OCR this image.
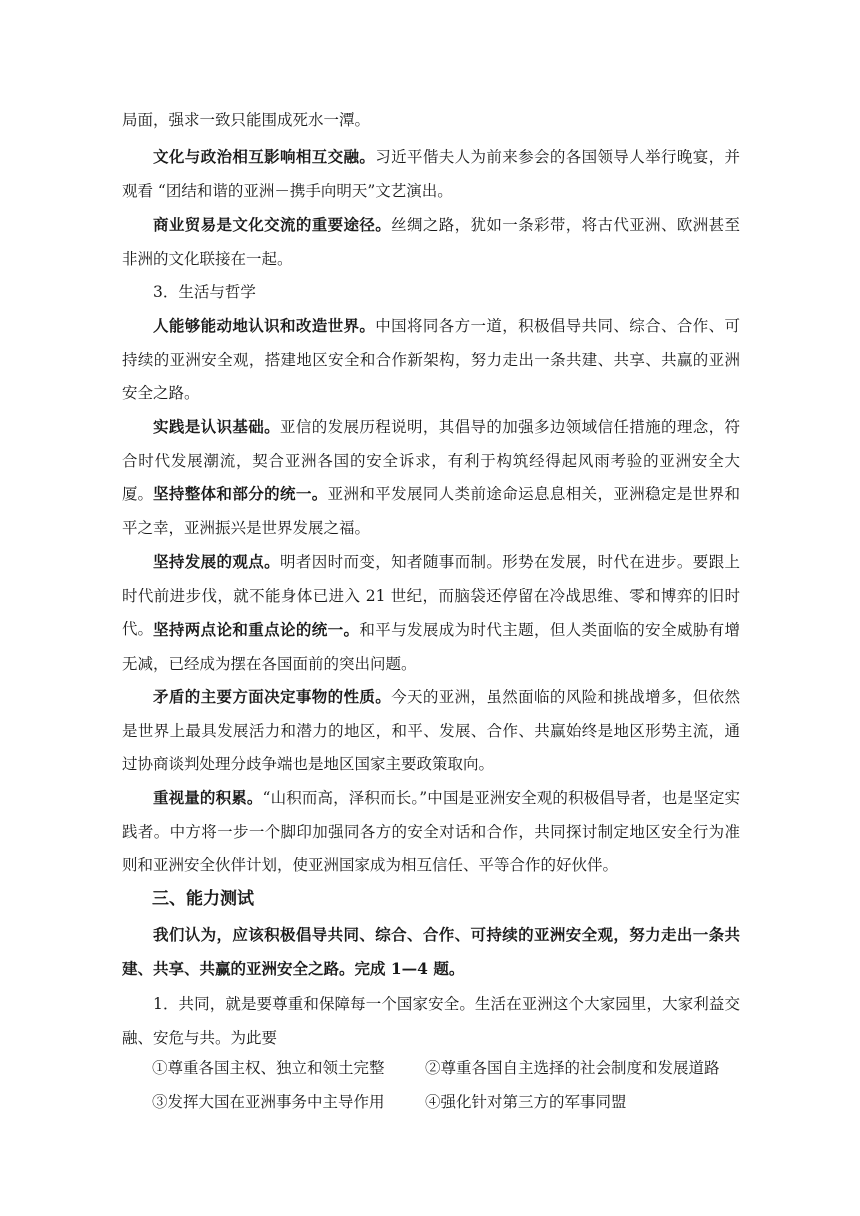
局面，强求一致只能围成死水一潭。

文化与政治相互影响相互交融。习近平偕夫人为前来参会的各国领导人举行晚宴，并观看 “团结和谐的亚洲－携手向明天”文艺演出。

商业贸易是文化交流的重要途径。丝绸之路，犹如一条彩带，将古代亚洲、欧洲甚至非洲的文化联接在一起。

3．生活与哲学

人能够能动地认识和改造世界。中国将同各方一道，积极倡导共同、综合、合作、可持续的亚洲安全观，搭建地区安全和合作新架构，努力走出一条共建、共享、共赢的亚洲安全之路。

实践是认识基础。亚信的发展历程说明，其倡导的加强多边领域信任措施的理念，符合时代发展潮流，契合亚洲各国的安全诉求，有利于构筑经得起风雨考验的亚洲安全大厦。 坚持整体和部分的统一。亚洲和平发展同人类前途命运息息相关，亚洲稳定是世界和平之幸，亚洲振兴是世界发展之福。

坚持发展的观点。明者因时而变，知者随事而制。形势在发展，时代在进步。要跟上时代前进步伐，就不能身体已进入 21 世纪，而脑袋还停留在冷战思维、零和博弈的旧时代。 坚持两点论和重点论的统一。和平与发展成为时代主题，但人类面临的安全威胁有增无减，已经成为摆在各国面前的突出问题。

矛盾的主要方面决定事物的性质。今天的亚洲，虽然面临的风险和挑战增多，但依然是世界上最具发展活力和潜力的地区，和平、发展、合作、共赢始终是地区形势主流，通过协商谈判处理分歧争端也是地区国家主要政策取向。

重视量的积累。“山积而高，泽积而长。”中国是亚洲安全观的积极倡导者，也是坚定实践者。中方将一步一个脚印加强同各方的安全对话和合作，共同探讨制定地区安全行为准则和亚洲安全伙伴计划，使亚洲国家成为相互信任、平等合作的好伙伴。

三、能力测试

我们认为，应该积极倡导共同、综合、合作、可持续的亚洲安全观，努力走出一条共建、共享、共赢的亚洲安全之路。完成 1—4 题。

1．共同，就是要尊重和保障每一个国家安全。生活在亚洲这个大家园里，大家利益交融、安危与共。为此要

①尊重各国主权、独立和领土完整	②尊重各国自主选择的社会制度和发展道路

③发挥大国在亚洲事务中主导作用	④强化针对第三方的军事同盟
